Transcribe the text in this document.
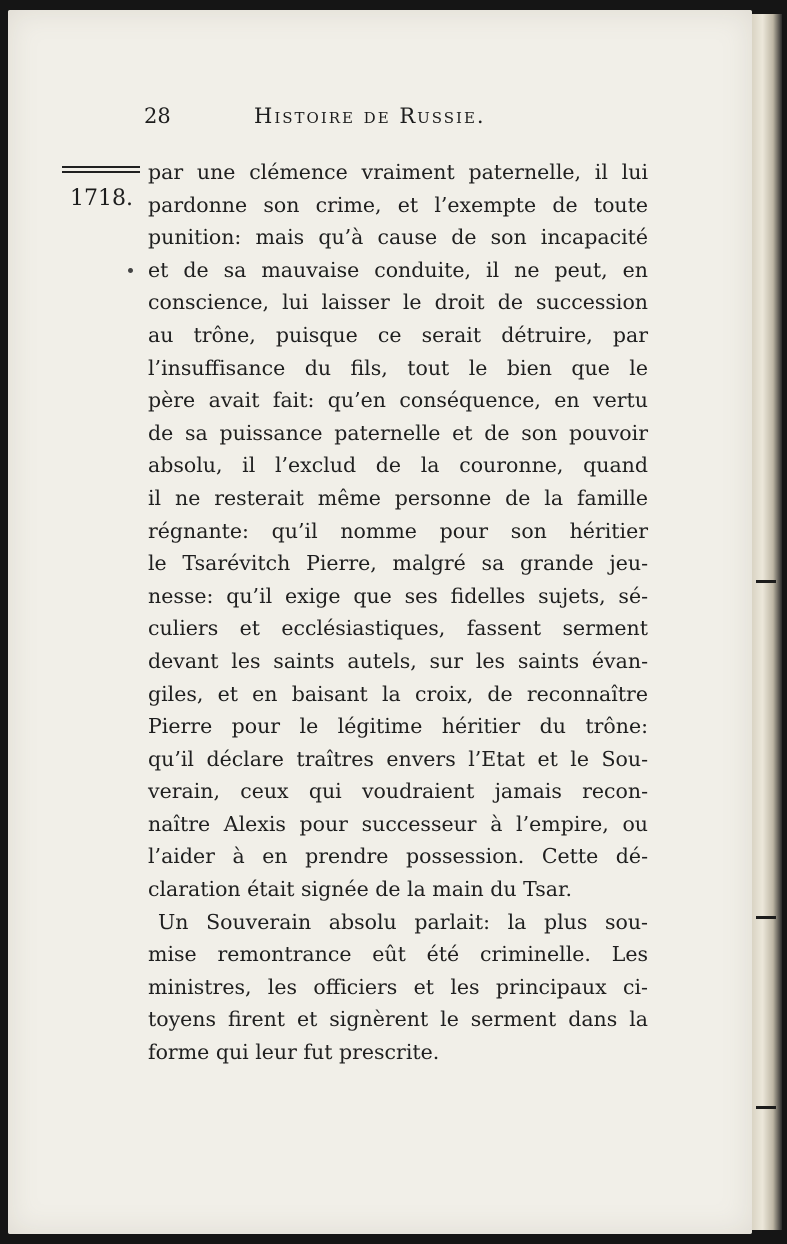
28	Histoire de Russie.
1718.
par une clémence vraiment paternelle, il lui
pardonne son crime, et l’exempte de toute
punition: mais qu’à cause de son incapacité
et de sa mauvaise conduite, il ne peut, en
conscience, lui laisser le droit de succession
au trône, puisque ce serait détruire, par
l’insuffisance du fils, tout le bien que le
père avait fait: qu’en conséquence, en vertu
de sa puissance paternelle et de son pouvoir
absolu, il l’exclud de la couronne, quand
il ne resterait même personne de la famille
régnante: qu’il nomme pour son héritier
le Tsarévitch Pierre, malgré sa grande jeu-
nesse: qu’il exige que ses fidelles sujets, sé-
culiers et ecclésiastiques, fassent serment
devant les saints autels, sur les saints évan-
giles, et en baisant la croix, de reconnaître
Pierre pour le légitime héritier du trône:
qu’il déclare traîtres envers l’Etat et le Sou-
verain, ceux qui voudraient jamais recon-
naître Alexis pour successeur à l’empire, ou
l’aider à en prendre possession. Cette dé-
claration était signée de la main du Tsar.
Un Souverain absolu parlait: la plus sou-
mise remontrance eût été criminelle. Les
ministres, les officiers et les principaux ci-
toyens firent et signèrent le serment dans la
forme qui leur fut prescrite.
